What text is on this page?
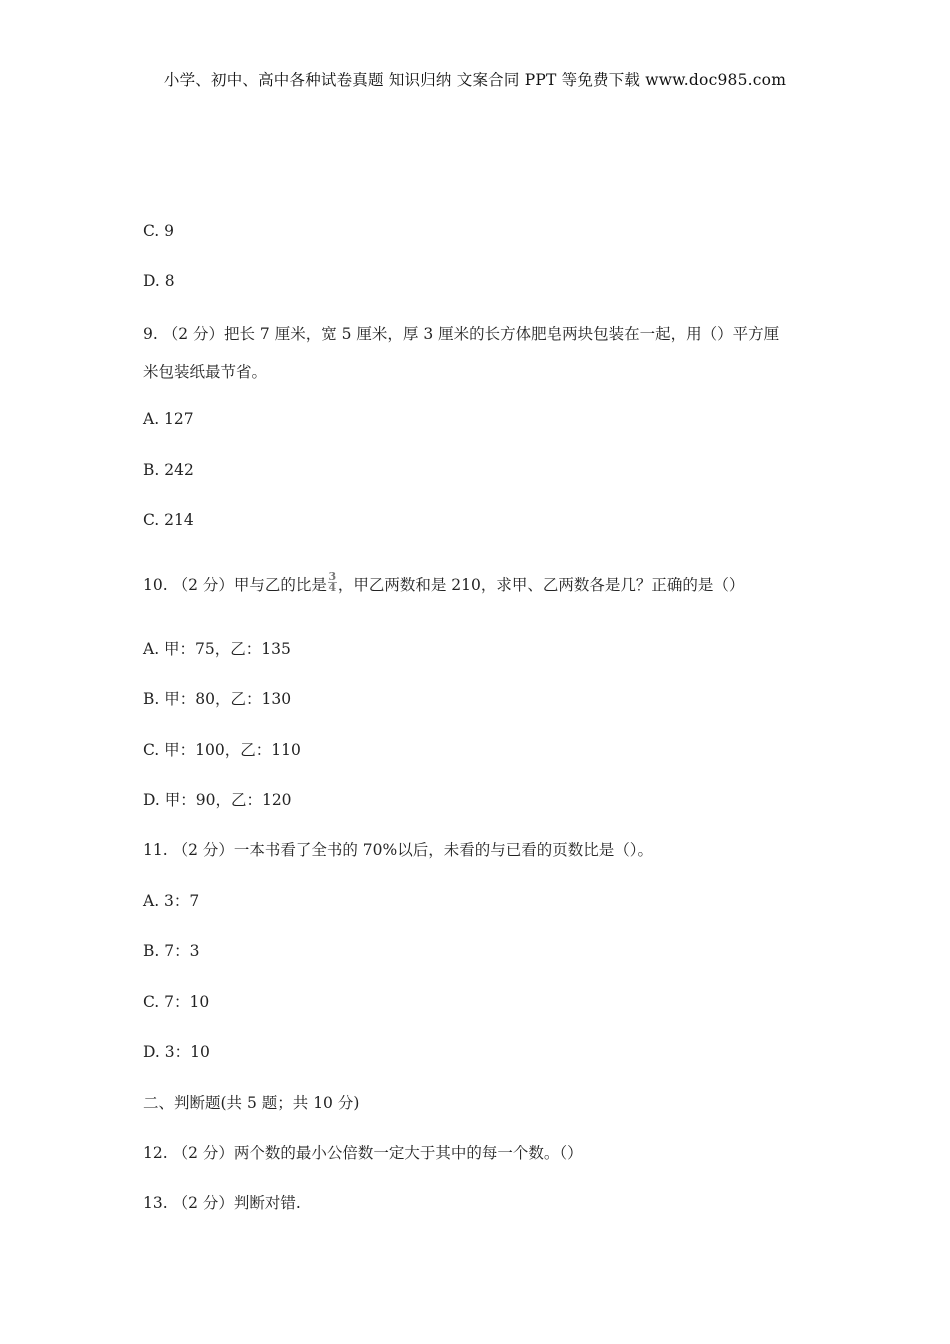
小学、初中、高中各种试卷真题 知识归纳 文案合同 PPT 等免费下载 www.doc985.com
C. 9
D. 8
9. （2 分）把长 7 厘米，宽 5 厘米，厚 3 厘米的长方体肥皂两块包装在一起，用（）平方厘
米包装纸最节省。
A. 127
B. 242
C. 214
10. （2 分）甲与乙的比是$\frac{3}{4}$，甲乙两数和是 210，求甲、乙两数各是几？正确的是（）
A. 甲：75，乙：135
B. 甲：80，乙：130
C. 甲：100，乙：110
D. 甲：90，乙：120
11. （2 分）一本书看了全书的 70%以后，未看的与已看的页数比是（）。
A. 3：7
B. 7：3
C. 7：10
D. 3：10
二、判断题(共 5 题；共 10 分)
12. （2 分）两个数的最小公倍数一定大于其中的每一个数。（）
13. （2 分）判断对错.
